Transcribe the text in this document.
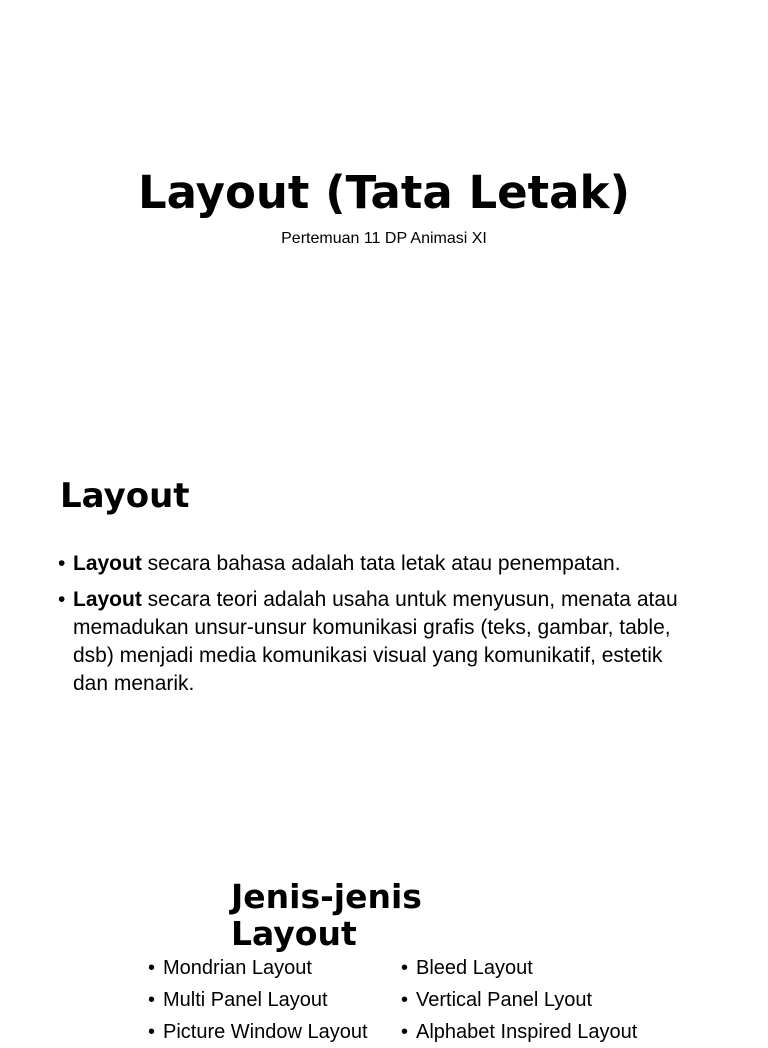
Layout (Tata Letak)
Pertemuan 11 DP Animasi XI
Layout
• Layout secara bahasa adalah tata letak atau penempatan.
• Layout secara teori adalah usaha untuk menyusun, menata atau memadukan unsur-unsur komunikasi grafis (teks, gambar, table, dsb) menjadi media komunikasi visual yang komunikatif, estetik dan menarik.
Jenis-jenis Layout
• Mondrian Layout
• Multi Panel Layout
• Picture Window Layout
• Bleed Layout
• Vertical Panel Lyout
• Alphabet Inspired Layout
